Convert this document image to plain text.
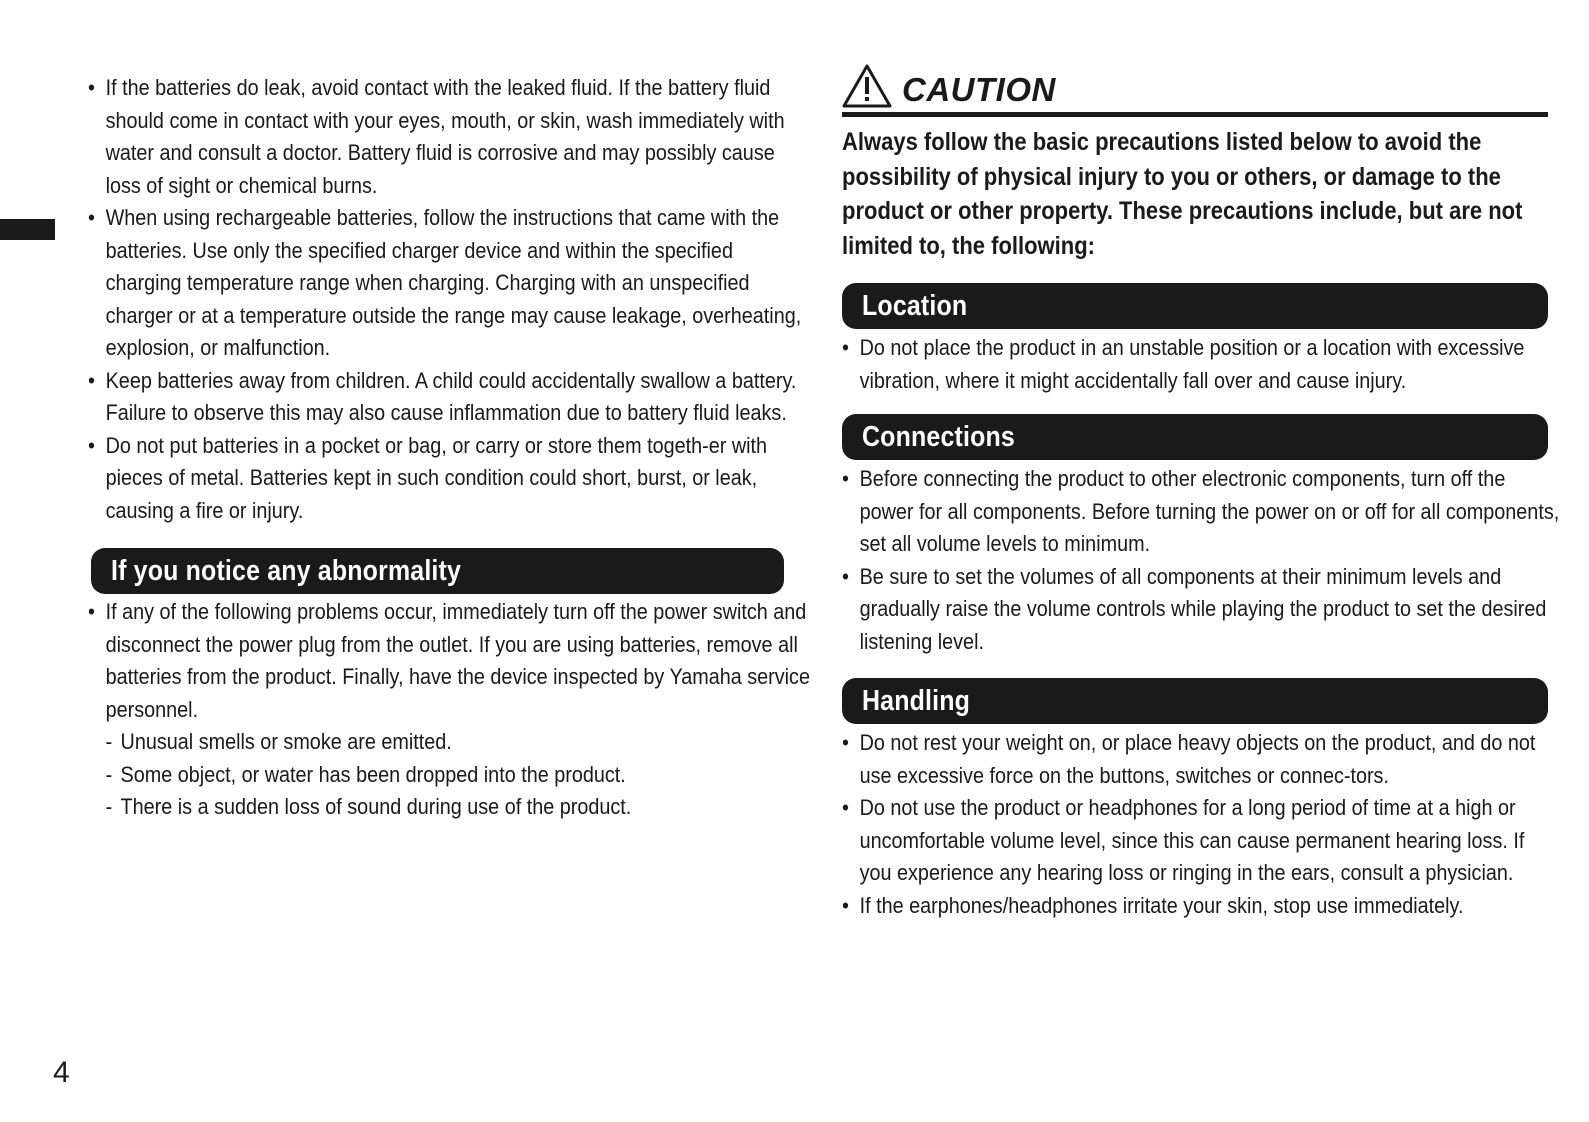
• If the batteries do leak, avoid contact with the leaked fluid. If the battery fluid should come in contact with your eyes, mouth, or skin, wash immediately with water and consult a doctor. Battery fluid is corrosive and may possibly cause loss of sight or chemical burns.
• When using rechargeable batteries, follow the instructions that came with the batteries. Use only the specified charger device and within the specified charging temperature range when charging. Charging with an unspecified charger or at a temperature outside the range may cause leakage, overheating, explosion, or malfunction.
• Keep batteries away from children. A child could accidentally swallow a battery. Failure to observe this may also cause inflammation due to battery fluid leaks.
• Do not put batteries in a pocket or bag, or carry or store them togeth-er with pieces of metal. Batteries kept in such condition could short, burst, or leak, causing a fire or injury.
If you notice any abnormality
• If any of the following problems occur, immediately turn off the power switch and disconnect the power plug from the outlet. If you are using batteries, remove all batteries from the product. Finally, have the device inspected by Yamaha service personnel.
- Unusual smells or smoke are emitted.
- Some object, or water has been dropped into the product.
- There is a sudden loss of sound during use of the product.
CAUTION
Always follow the basic precautions listed below to avoid the possibility of physical injury to you or others, or damage to the product or other property. These precautions include, but are not limited to, the following:
Location
• Do not place the product in an unstable position or a location with excessive vibration, where it might accidentally fall over and cause injury.
Connections
• Before connecting the product to other electronic components, turn off the power for all components. Before turning the power on or off for all components, set all volume levels to minimum.
• Be sure to set the volumes of all components at their minimum levels and gradually raise the volume controls while playing the product to set the desired listening level.
Handling
• Do not rest your weight on, or place heavy objects on the product, and do not use excessive force on the buttons, switches or connec-tors.
• Do not use the product or headphones for a long period of time at a high or uncomfortable volume level, since this can cause permanent hearing loss. If you experience any hearing loss or ringing in the ears, consult a physician.
• If the earphones/headphones irritate your skin, stop use immediately.
4
